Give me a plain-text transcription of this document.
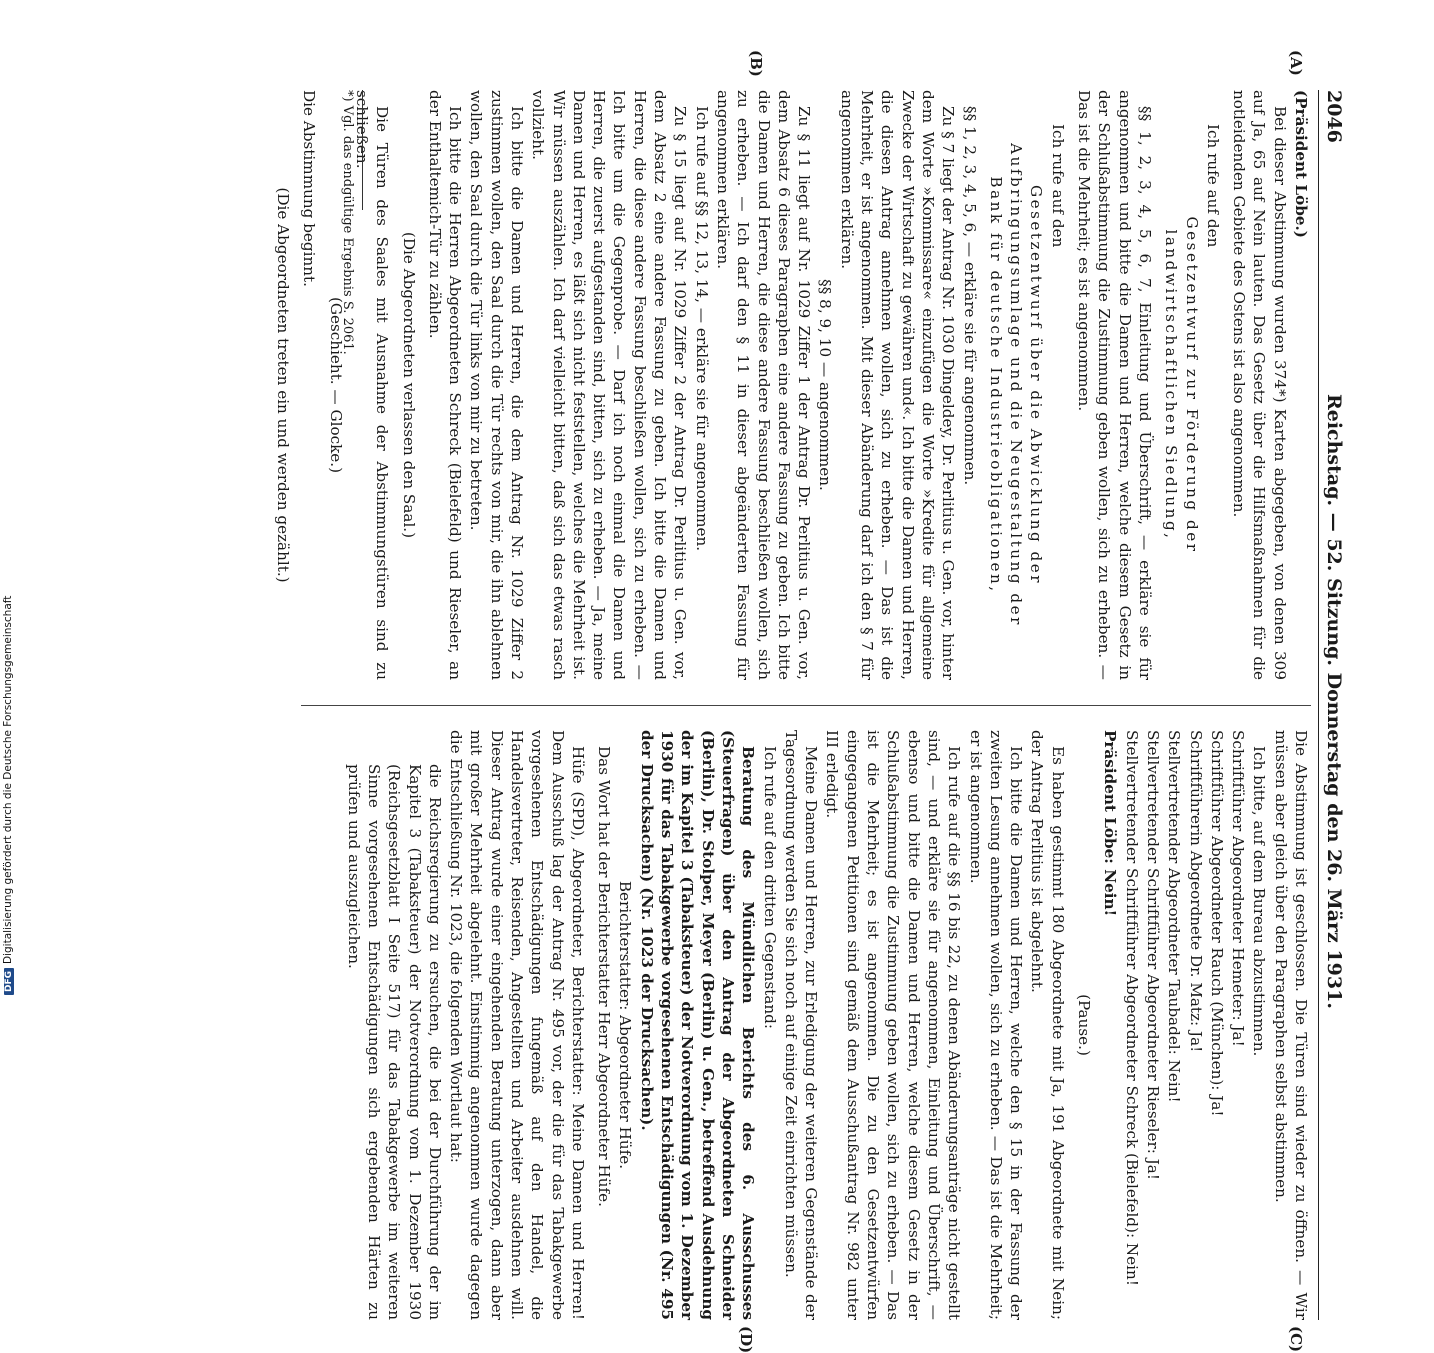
DFGDigitalisierung gefördert durch die Deutsche Forschungsgemeinschaft
2046
Reichstag. — 52. Sitzung. Donnerstag den 26. März 1931.
(A)
(B)
(C)
(D)

(Präsident Löbe.)

Bei dieser Abstimmung wurden 374*) Karten abgegeben, von denen 309 auf Ja, 65 auf Nein lauten. Das Gesetz über die Hilfsmaßnahmen für die notleidenden Gebiete des Ostens ist also angenommen.

Ich rufe auf den

Gesetzentwurf zur Förderung der landwirtschaftlichen Siedlung,

§§ 1, 2, 3, 4, 5, 6, 7, Einleitung und Überschrift, — erkläre sie für angenommen und bitte die Damen und Herren, welche diesem Gesetz in der Schlußabstimmung die Zustimmung geben wollen, sich zu erheben. — Das ist die Mehrheit; es ist angenommen.

Ich rufe auf den

Gesetzentwurf über die Abwicklung der Aufbringungsumlage und die Neugestaltung der Bank für deutsche Industrieobligationen,

§§ 1, 2, 3, 4, 5, 6, — erkläre sie für angenommen.

Zu § 7 liegt der Antrag Nr. 1030 Dingeldey, Dr. Perlitius u. Gen. vor, hinter dem Worte »Kommissare« einzufügen die Worte »Kredite für allgemeine Zwecke der Wirtschaft zu gewähren und«. Ich bitte die Damen und Herren, die diesen Antrag annehmen wollen, sich zu erheben. — Das ist die Mehrheit, er ist angenommen. Mit dieser Abänderung darf ich den § 7 für angenommen erklären.

§§ 8, 9, 10 — angenommen.

Zu § 11 liegt auf Nr. 1029 Ziffer 1 der Antrag Dr. Perlitius u. Gen. vor, dem Absatz 6 dieses Paragraphen eine andere Fassung zu geben. Ich bitte die Damen und Herren, die diese andere Fassung beschließen wollen, sich zu erheben. — Ich darf den § 11 in dieser abgeänderten Fassung für angenommen erklären.

Ich rufe auf §§ 12, 13, 14, — erkläre sie für angenommen.

Zu § 15 liegt auf Nr. 1029 Ziffer 2 der Antrag Dr. Perlitius u. Gen. vor, dem Absatz 2 eine andere Fassung zu geben. Ich bitte die Damen und Herren, die diese andere Fassung beschließen wollen, sich zu erheben. — Ich bitte um die Gegenprobe. — Darf ich noch einmal die Damen und Herren, die zuerst aufgestanden sind, bitten, sich zu erheben. — Ja, meine Damen und Herren, es läßt sich nicht feststellen, welches die Mehrheit ist. Wir müssen auszählen. Ich darf vielleicht bitten, daß sich das etwas rasch vollzieht.

Ich bitte die Damen und Herren, die dem Antrag Nr. 1029 Ziffer 2 zustimmen wollen, den Saal durch die Tür rechts von mir, die ihn ablehnen wollen, den Saal durch die Tür links von mir zu betreten.

Ich bitte die Herren Abgeordneten Schreck (Bielefeld) und Rieseler, an der Enthaltemich-Tür zu zählen.

(Die Abgeordneten verlassen den Saal.)

Die Türen des Saales mit Ausnahme der Abstimmungstüren sind zu schließen.

(Geschieht. — Glocke.)

Die Abstimmung beginnt.

(Die Abgeordneten treten ein und werden gezählt.)	*) Vgl. das endgültige Ergebnis S. 2061.

Die Abstimmung ist geschlossen. Die Türen sind wieder zu öffnen. — Wir müssen aber gleich über den Paragraphen selbst abstimmen.

Ich bitte, auf dem Bureau abzustimmen.

Schriftführer Abgeordneter Hemeter: Ja!

Schriftführer Abgeordneter Rauch (München): Ja!

Schriftführerin Abgeordnete Dr. Matz: Ja!

Stellvertretender Abgeordneter Taubadel: Nein!

Stellvertretender Schriftführer Abgeordneter Rieseler: Ja!

Stellvertretender Schriftführer Abgeordneter Schreck (Bielefeld): Nein!

Präsident Löbe: Nein!

(Pause.)

Es haben gestimmt 180 Abgeordnete mit Ja, 191 Abgeordnete mit Nein; der Antrag Perlitius ist abgelehnt.

Ich bitte die Damen und Herren, welche den § 15 in der Fassung der zweiten Lesung annehmen wollen, sich zu erheben. — Das ist die Mehrheit; er ist angenommen.

Ich rufe auf die §§ 16 bis 22, zu denen Abänderungsanträge nicht gestellt sind, — und erkläre sie für angenommen, Einleitung und Überschrift, — ebenso und bitte die Damen und Herren, welche diesem Gesetz in der Schlußabstimmung die Zustimmung geben wollen, sich zu erheben. — Das ist die Mehrheit; es ist angenommen. Die zu den Gesetzentwürfen eingegangenen Petitionen sind gemäß dem Ausschußantrag Nr. 982 unter III erledigt.

Meine Damen und Herren, zur Erledigung der weiteren Gegenstände der Tagesordnung werden Sie sich noch auf einige Zeit einrichten müssen.

Ich rufe auf den dritten Gegenstand:

Beratung des Mündlichen Berichts des 6. Ausschusses (Steuerfragen) über den Antrag der Abgeordneten Schneider (Berlin), Dr. Stolper, Meyer (Berlin) u. Gen., betreffend Ausdehnung der im Kapitel 3 (Tabaksteuer) der Notverordnung vom 1. Dezember 1930 für das Tabakgewerbe vorgesehenen Entschädigungen (Nr. 495 der Drucksachen) (Nr. 1023 der Drucksachen).

Berichterstatter: Abgeordneter Hüfe.

Das Wort hat der Berichterstatter Herr Abgeordneter Hüfe.

Hüfe (SPD), Abgeordneter, Berichterstatter: Meine Damen und Herren! Dem Ausschuß lag der Antrag Nr. 495 vor, der die für das Tabakgewerbe vorgesehenen Entschädigungen fungemäß auf den Handel, die Handelsvertreter, Reisenden, Angestellten und Arbeiter ausdehnen will. Dieser Antrag wurde einer eingehenden Beratung unterzogen, dann aber mit großer Mehrheit abgelehnt. Einstimmig angenommen wurde dagegen die Entschließung Nr. 1023, die folgenden Wortlaut hat:

die Reichsregierung zu ersuchen, die bei der Durchführung der im Kapitel 3 (Tabaksteuer) der Notverordnung vom 1. Dezember 1930 (Reichsgesetzblatt I Seite 517) für das Tabakgewerbe im weiteren Sinne vorgesehenen Entschädigungen sich ergebenden Härten zu prüfen und auszugleichen.
